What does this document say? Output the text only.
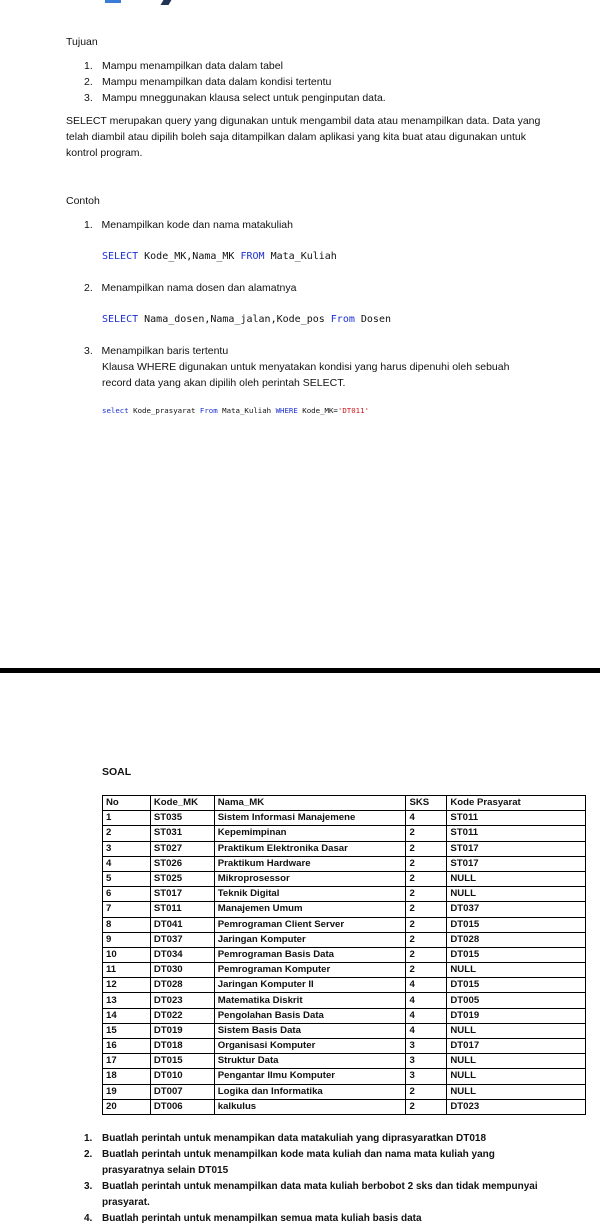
Tujuan
1. Mampu menampilkan data dalam tabel
2. Mampu menampilkan data dalam kondisi tertentu
3. Mampu mneggunakan klausa select untuk penginputan data.
SELECT merupakan query yang digunakan untuk mengambil data atau menampilkan data. Data yang telah diambil atau dipilih boleh saja ditampilkan dalam aplikasi yang kita buat atau digunakan untuk kontrol program.
Contoh
1. Menampilkan kode dan nama matakuliah
SELECT Kode_MK,Nama_MK FROM Mata_Kuliah
2. Menampilkan nama dosen dan alamatnya
SELECT Nama_dosen,Nama_jalan,Kode_pos From Dosen
3. Menampilkan baris tertentu
Klausa WHERE digunakan untuk menyatakan kondisi yang harus dipenuhi oleh sebuah record data yang akan dipilih oleh perintah SELECT.
select Kode_prasyarat From Mata_Kuliah WHERE Kode_MK='DT011'
SOAL
No	Kode_MK	Nama_MK	SKS	Kode Prasyarat
1	ST035	Sistem Informasi Manajemene	4	ST011
2	ST031	Kepemimpinan	2	ST011
3	ST027	Praktikum Elektronika Dasar	2	ST017
4	ST026	Praktikum Hardware	2	ST017
5	ST025	Mikroprosessor	2	NULL
6	ST017	Teknik Digital	2	NULL
7	ST011	Manajemen Umum	2	DT037
8	DT041	Pemrograman Client Server	2	DT015
9	DT037	Jaringan Komputer	2	DT028
10	DT034	Pemrograman Basis Data	2	DT015
11	DT030	Pemrograman Komputer	2	NULL
12	DT028	Jaringan Komputer II	4	DT015
13	DT023	Matematika Diskrit	4	DT005
14	DT022	Pengolahan Basis Data	4	DT019
15	DT019	Sistem Basis Data	4	NULL
16	DT018	Organisasi Komputer	3	DT017
17	DT015	Struktur Data	3	NULL
18	DT010	Pengantar Ilmu Komputer	3	NULL
19	DT007	Logika dan Informatika	2	NULL
20	DT006	kalkulus	2	DT023
1. Buatlah perintah untuk menampikan data matakuliah yang diprasyaratkan DT018
2. Buatlah perintah untuk menampilkan kode mata kuliah dan nama mata kuliah yang prasyaratnya selain DT015
3. Buatlah perintah untuk menampilkan data mata kuliah berbobot 2 sks dan tidak mempunyai prasyarat.
4. Buatlah perintah untuk menampilkan semua mata kuliah basis data
